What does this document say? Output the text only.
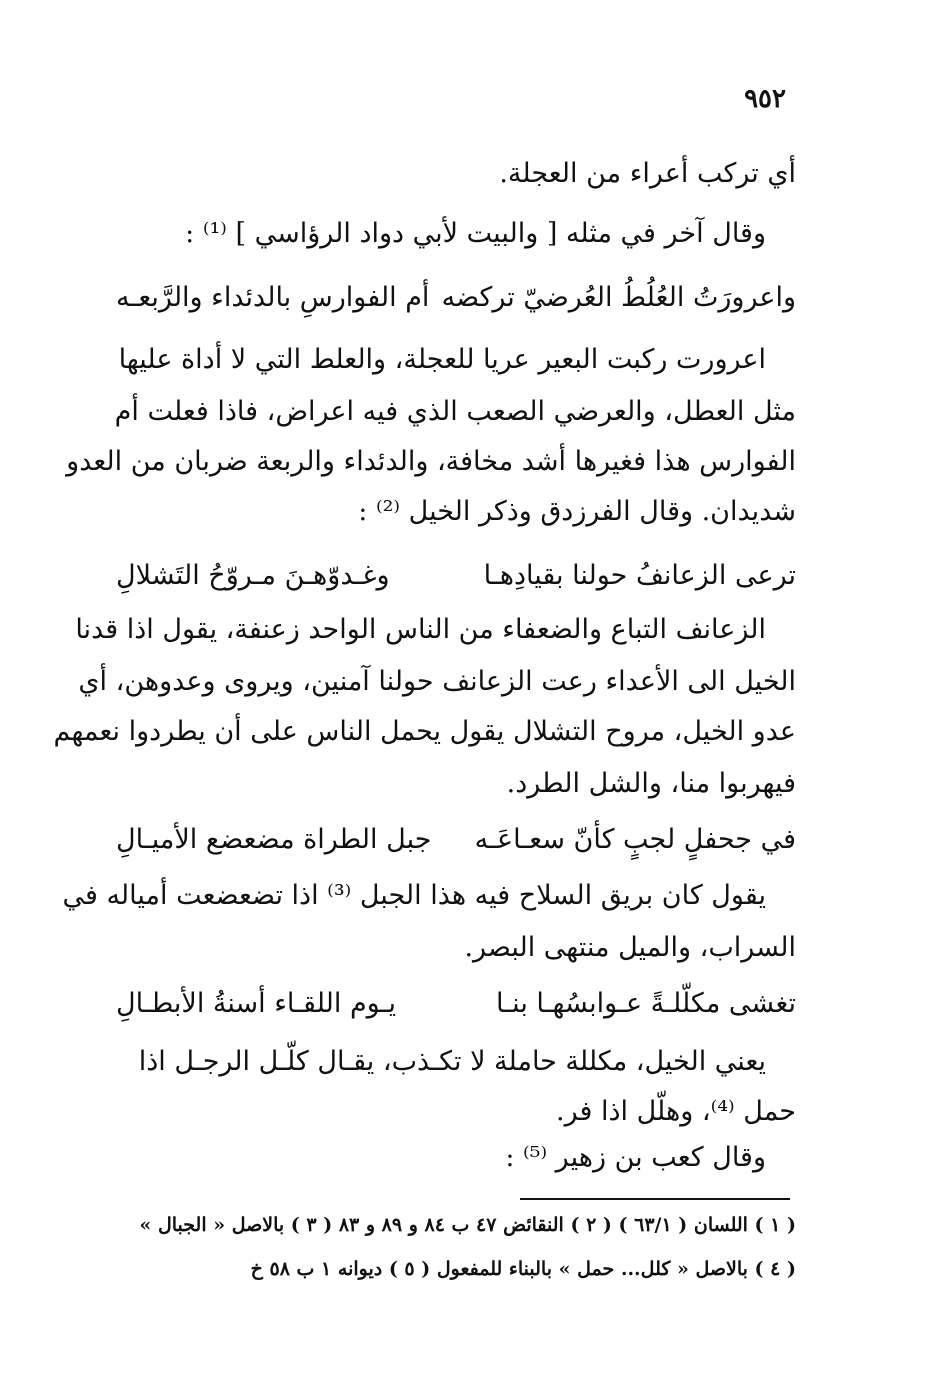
٩٥٢
أي تركب أعراء من العجلة.
وقال آخر في مثله [ والبيت لأبي دواد الرؤاسي ] ⁽¹⁾ :
واعرورَتُ العُلُطُ العُرضيّ تركضه
أم الفوارسِ بالدئداء والرَّبعـه
اعرورت ركبت البعير عريا للعجلة، والعلط التي لا أداة عليها
مثل العطل، والعرضي الصعب الذي فيه اعراض، فاذا فعلت أم
الفوارس هذا فغيرها أشد مخافة، والدئداء والربعة ضربان من العدو
شديدان. وقال الفرزدق وذكر الخيل ⁽²⁾ :
ترعى الزعانفُ حولنا بقيادِهـا
وغـدوّهـنَ مـروّحُ التَشلالِ
الزعانف التباع والضعفاء من الناس الواحد زعنفة، يقول اذا قدنا
الخيل الى الأعداء رعت الزعانف حولنا آمنين، ويروى وعدوهن، أي
عدو الخيل، مروح التشلال يقول يحمل الناس على أن يطردوا نعمهم
فيهربوا منا، والشل الطرد.
في جحفلٍ لجبٍ كأنّ سعـاعَـه
جبل الطراة مضعضع الأميـالِ
يقول كان بريق السلاح فيه هذا الجبل ⁽³⁾ اذا تضعضعت أمياله في
السراب، والميل منتهى البصر.
تغشى مكلّلـةً عـوابسُهـا بنـا
يـوم اللقـاء أسنةُ الأبطـالِ
يعني الخيل، مكللة حاملة لا تكـذب، يقـال كلّـل الرجـل اذا
حمل ⁽⁴⁾، وهلّل اذا فر.
وقال كعب بن زهير ⁽⁵⁾ :
( ١ ) اللسان ( ٦٣/١ ) ( ٢ ) النقائض ٤٧ ب ٨٤ و ٨٩ و ٨٣ ( ٣ ) بالاصل « الجبال »
( ٤ ) بالاصل « كلل... حمل » بالبناء للمفعول ( ٥ ) ديوانه ١ ب ٥٨ خ
